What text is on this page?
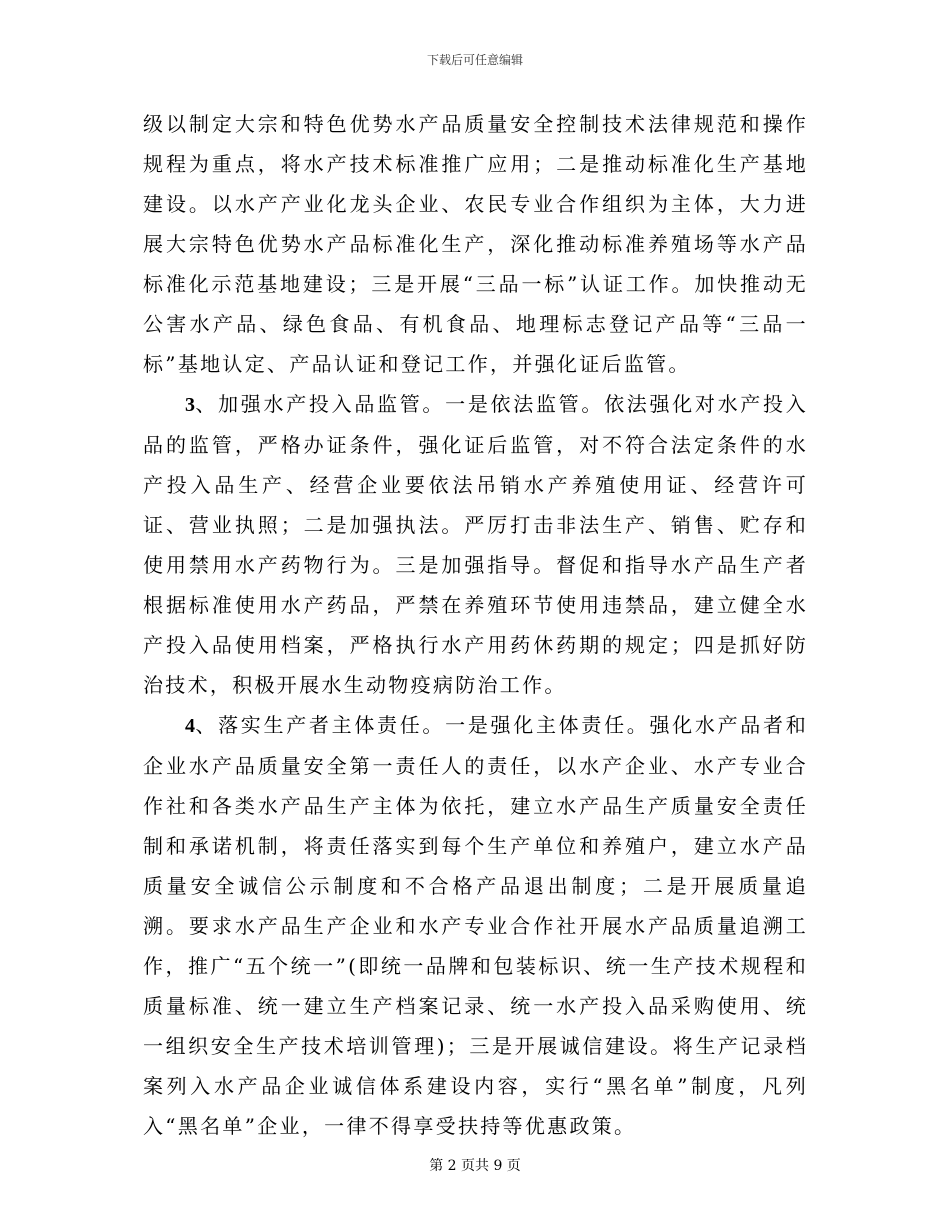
下载后可任意编辑

级以制定大宗和特色优势水产品质量安全控制技术法律规范和操作规程为重点，将水产技术标准推广应用；二是推动标准化生产基地建设。以水产产业化龙头企业、农民专业合作组织为主体，大力进展大宗特色优势水产品标准化生产，深化推动标准养殖场等水产品标准化示范基地建设；三是开展“三品一标”认证工作。加快推动无公害水产品、绿色食品、有机食品、地理标志登记产品等“三品一标”基地认定、产品认证和登记工作，并强化证后监管。

3、加强水产投入品监管。一是依法监管。依法强化对水产投入品的监管，严格办证条件，强化证后监管，对不符合法定条件的水产投入品生产、经营企业要依法吊销水产养殖使用证、经营许可证、营业执照；二是加强执法。严厉打击非法生产、销售、贮存和使用禁用水产药物行为。三是加强指导。督促和指导水产品生产者根据标准使用水产药品，严禁在养殖环节使用违禁品，建立健全水产投入品使用档案，严格执行水产用药休药期的规定；四是抓好防治技术，积极开展水生动物疫病防治工作。

4、落实生产者主体责任。一是强化主体责任。强化水产品者和企业水产品质量安全第一责任人的责任，以水产企业、水产专业合作社和各类水产品生产主体为依托，建立水产品生产质量安全责任制和承诺机制，将责任落实到每个生产单位和养殖户，建立水产品质量安全诚信公示制度和不合格产品退出制度；二是开展质量追溯。要求水产品生产企业和水产专业合作社开展水产品质量追溯工作，推广“五个统一”(即统一品牌和包装标识、统一生产技术规程和质量标准、统一建立生产档案记录、统一水产投入品采购使用、统一组织安全生产技术培训管理)；三是开展诚信建设。将生产记录档案列入水产品企业诚信体系建设内容，实行“黑名单”制度，凡列入“黑名单”企业，一律不得享受扶持等优惠政策。

第 2 页共 9 页
